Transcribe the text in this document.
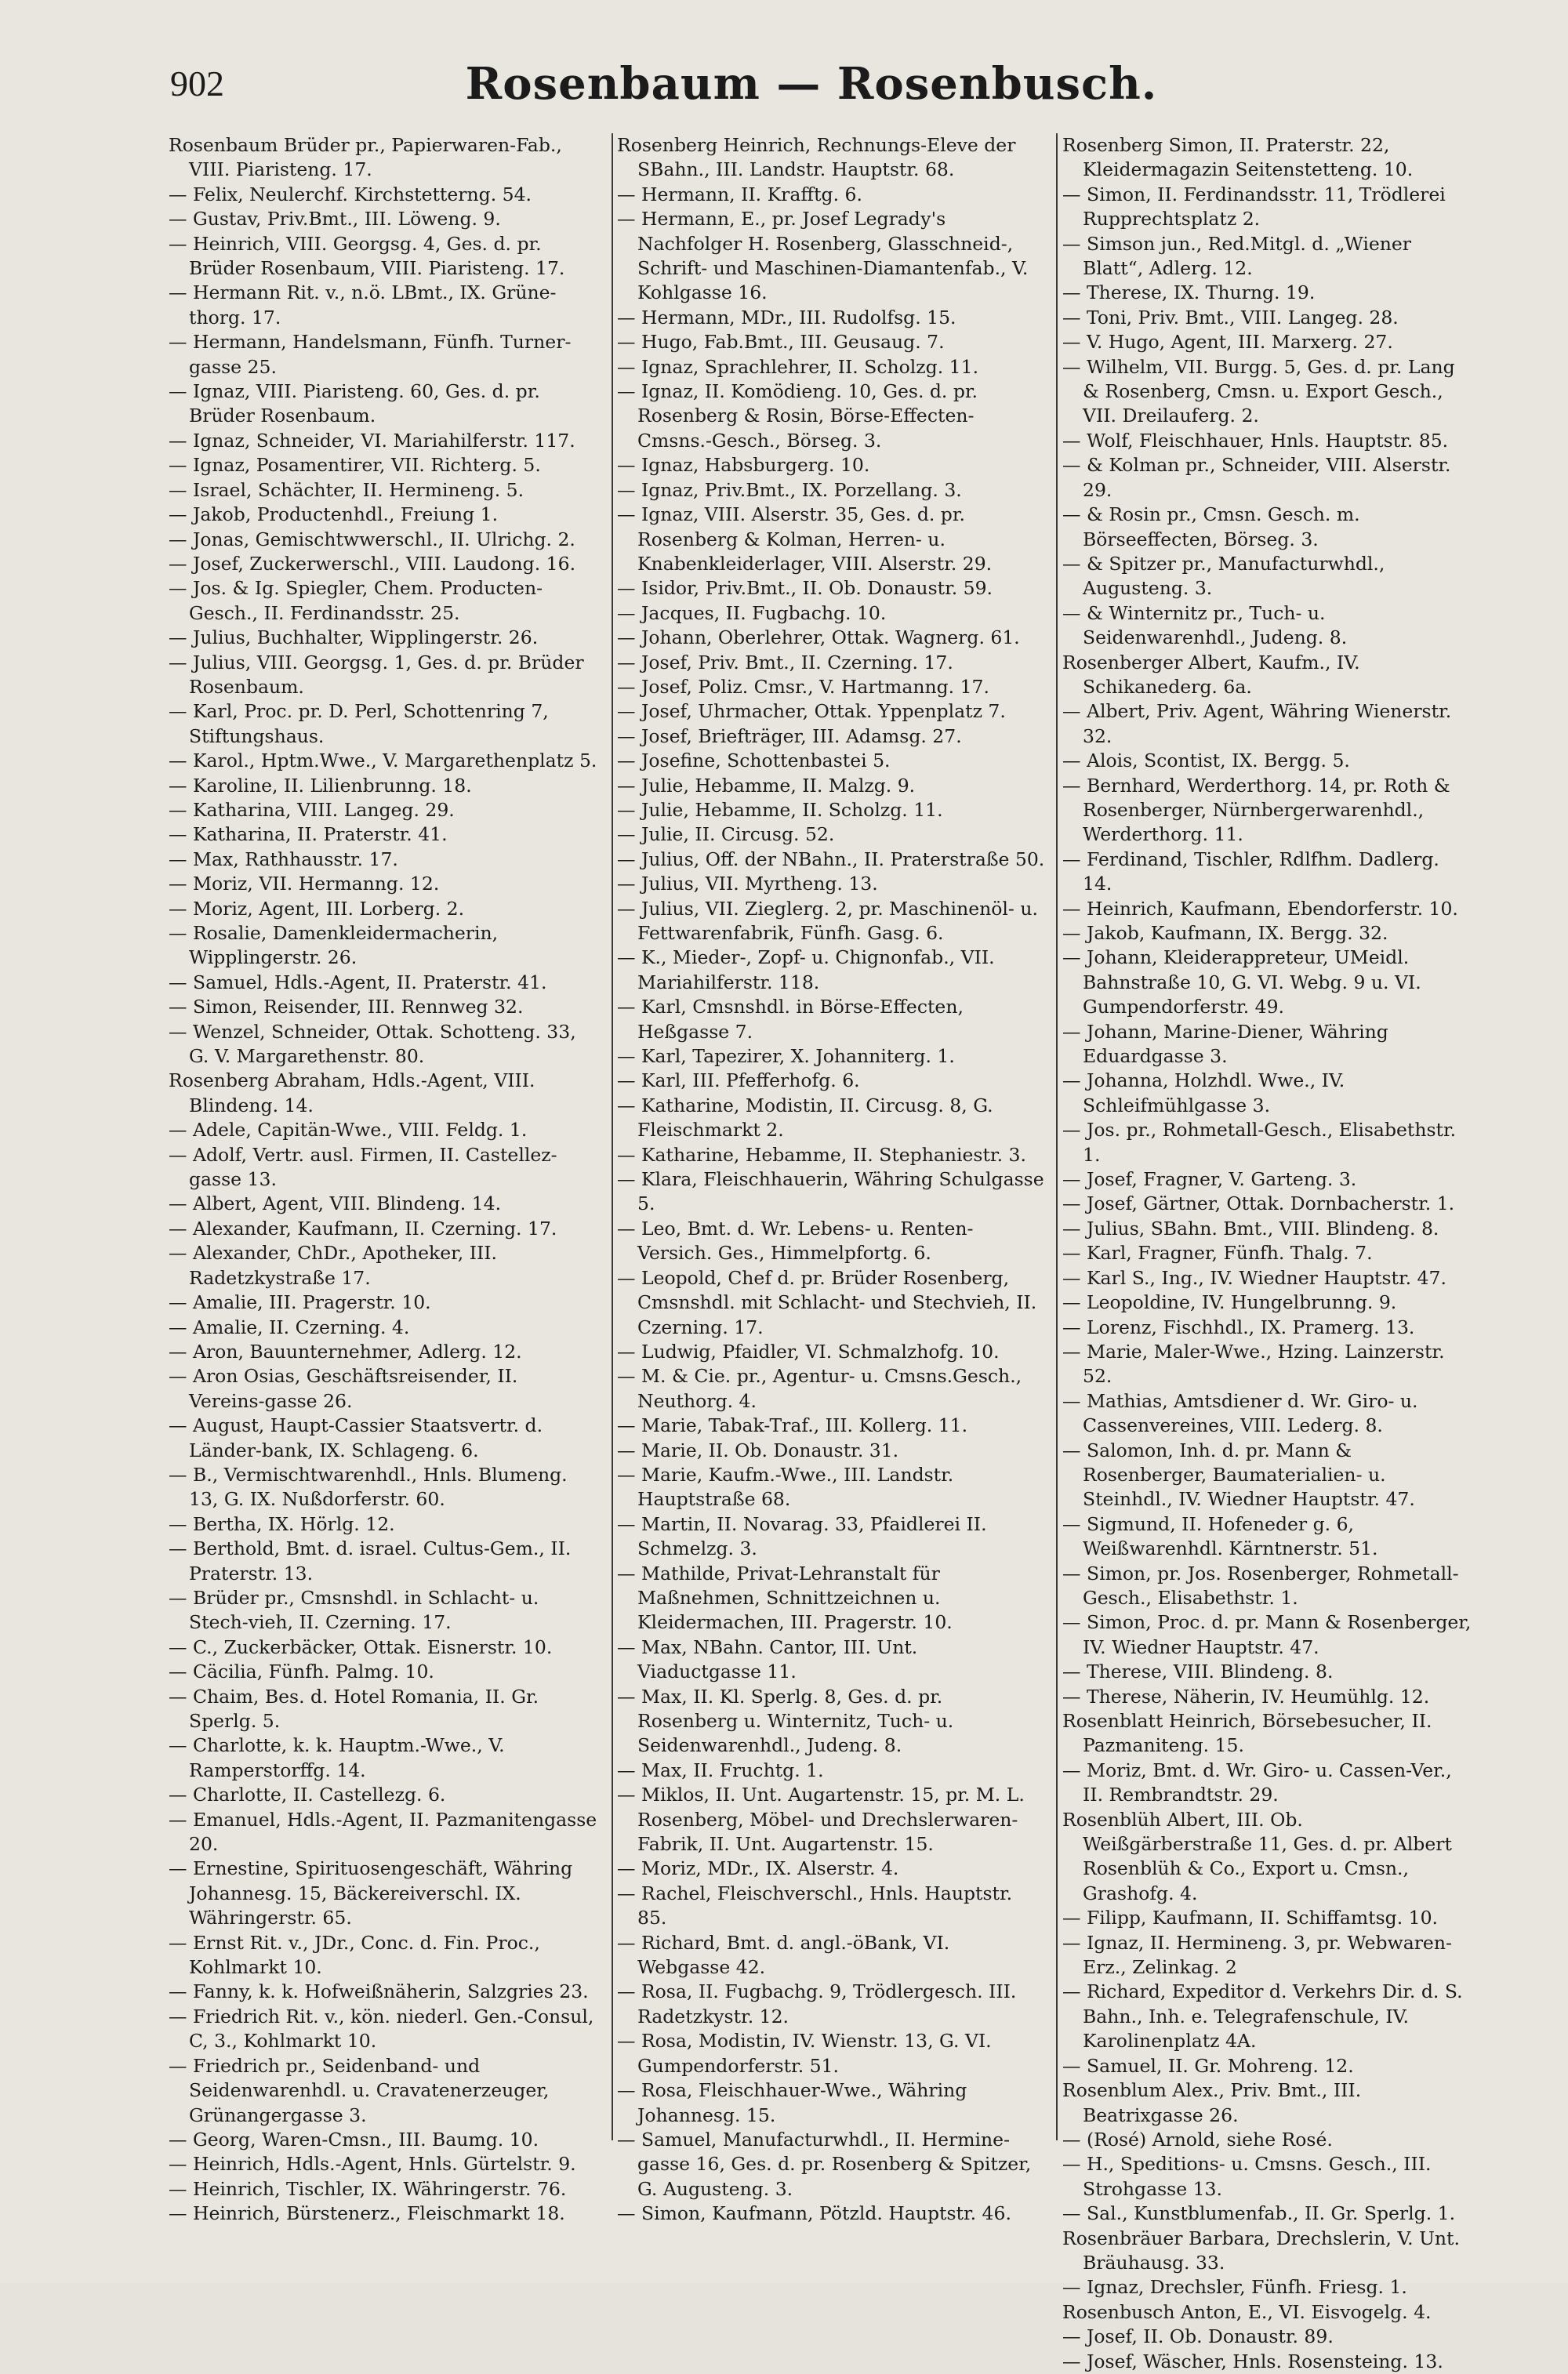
902	Rosenbaum — Rosenbusch.
Rosenbaum Brüder pr., Papierwaren-Fab., VIII. Piaristeng. 17.
— Felix, Neulerchf. Kirchstetterng. 54.
— Gustav, Priv.Bmt., III. Löweng. 9.
— Heinrich, VIII. Georgsg. 4, Ges. d. pr. Brüder Rosenbaum, VIII. Piaristeng. 17.
— Hermann Rit. v., n.ö. LBmt., IX. Grüne-thorg. 17.
— Hermann, Handelsmann, Fünfh. Turner-gasse 25.
— Ignaz, VIII. Piaristeng. 60, Ges. d. pr. Brüder Rosenbaum.
— Ignaz, Schneider, VI. Mariahilferstr. 117.
— Ignaz, Posamentirer, VII. Richterg. 5.
— Israel, Schächter, II. Hermineng. 5.
— Jakob, Productenhdl., Freiung 1.
— Jonas, Gemischtwwerschl., II. Ulrichg. 2.
— Josef, Zuckerwerschl., VIII. Laudong. 16.
— Jos. & Ig. Spiegler, Chem. Producten-Gesch., II. Ferdinandsstr. 25.
— Julius, Buchhalter, Wipplingerstr. 26.
— Julius, VIII. Georgsg. 1, Ges. d. pr. Brüder Rosenbaum.
— Karl, Proc. pr. D. Perl, Schottenring 7, Stiftungshaus.
— Karol., Hptm.Wwe., V. Margarethenplatz 5.
— Karoline, II. Lilienbrunng. 18.
— Katharina, VIII. Langeg. 29.
— Katharina, II. Praterstr. 41.
— Max, Rathhausstr. 17.
— Moriz, VII. Hermanng. 12.
— Moriz, Agent, III. Lorberg. 2.
— Rosalie, Damenkleidermacherin, Wipplingerstr. 26.
— Samuel, Hdls.-Agent, II. Praterstr. 41.
— Simon, Reisender, III. Rennweg 32.
— Wenzel, Schneider, Ottak. Schotteng. 33, G. V. Margarethenstr. 80.
Rosenberg Abraham, Hdls.-Agent, VIII. Blindeng. 14.
— Adele, Capitän-Wwe., VIII. Feldg. 1.
— Adolf, Vertr. ausl. Firmen, II. Castellez-gasse 13.
— Albert, Agent, VIII. Blindeng. 14.
— Alexander, Kaufmann, II. Czerning. 17.
— Alexander, ChDr., Apotheker, III. Radetzkystraße 17.
— Amalie, III. Pragerstr. 10.
— Amalie, II. Czerning. 4.
— Aron, Bauunternehmer, Adlerg. 12.
— Aron Osias, Geschäftsreisender, II. Vereins-gasse 26.
— August, Haupt-Cassier Staatsvertr. d. Länder-bank, IX. Schlageng. 6.
— B., Vermischtwarenhdl., Hnls. Blumeng. 13, G. IX. Nußdorferstr. 60.
— Bertha, IX. Hörlg. 12.
— Berthold, Bmt. d. israel. Cultus-Gem., II. Praterstr. 13.
— Brüder pr., Cmsnshdl. in Schlacht- u. Stech-vieh, II. Czerning. 17.
— C., Zuckerbäcker, Ottak. Eisnerstr. 10.
— Cäcilia, Fünfh. Palmg. 10.
— Chaim, Bes. d. Hotel Romania, II. Gr. Sperlg. 5.
— Charlotte, k. k. Hauptm.-Wwe., V. Ramperstorffg. 14.
— Charlotte, II. Castellezg. 6.
— Emanuel, Hdls.-Agent, II. Pazmanitengasse 20.
— Ernestine, Spirituosengeschäft, Währing Johannesg. 15, Bäckereiverschl. IX. Währingerstr. 65.
— Ernst Rit. v., JDr., Conc. d. Fin. Proc., Kohlmarkt 10.
— Fanny, k. k. Hofweißnäherin, Salzgries 23.
— Friedrich Rit. v., kön. niederl. Gen.-Consul, C, 3., Kohlmarkt 10.
— Friedrich pr., Seidenband- und Seidenwarenhdl. u. Cravatenerzeuger, Grünangergasse 3.
— Georg, Waren-Cmsn., III. Baumg. 10.
— Heinrich, Hdls.-Agent, Hnls. Gürtelstr. 9.
— Heinrich, Tischler, IX. Währingerstr. 76.
— Heinrich, Bürstenerz., Fleischmarkt 18.
Rosenberg Heinrich, Rechnungs-Eleve der SBahn., III. Landstr. Hauptstr. 68.
— Hermann, II. Krafftg. 6.
— Hermann, E., pr. Josef Legradу's Nachfolger H. Rosenberg, Glasschneid-, Schrift- und Maschinen-Diamantenfab., V. Kohlgasse 16.
— Hermann, MDr., III. Rudolfsg. 15.
— Hugo, Fab.Bmt., III. Geusaug. 7.
— Ignaz, Sprachlehrer, II. Scholzg. 11.
— Ignaz, II. Komödieng. 10, Ges. d. pr. Rosenberg & Rosin, Börse-Effecten-Cmsns.-Gesch., Börseg. 3.
— Ignaz, Habsburgerg. 10.
— Ignaz, Priv.Bmt., IX. Porzellang. 3.
— Ignaz, VIII. Alserstr. 35, Ges. d. pr. Rosenberg & Kolman, Herren- u. Knabenkleiderlager, VIII. Alserstr. 29.
— Isidor, Priv.Bmt., II. Ob. Donaustr. 59.
— Jacques, II. Fugbachg. 10.
— Johann, Oberlehrer, Ottak. Wagnerg. 61.
— Josef, Priv. Bmt., II. Czerning. 17.
— Josef, Poliz. Cmsr., V. Hartmanng. 17.
— Josef, Uhrmacher, Ottak. Yppenplatz 7.
— Josef, Briefträger, III. Adamsg. 27.
— Josefine, Schottenbastei 5.
— Julie, Hebamme, II. Malzg. 9.
— Julie, Hebamme, II. Scholzg. 11.
— Julie, II. Circusg. 52.
— Julius, Off. der NBahn., II. Praterstraße 50.
— Julius, VII. Myrtheng. 13.
— Julius, VII. Zieglerg. 2, pr. Maschinenöl- u. Fettwarenfabrik, Fünfh. Gasg. 6.
— K., Mieder-, Zopf- u. Chignonfab., VII. Mariahilferstr. 118.
— Karl, Cmsnshdl. in Börse-Effecten, Heßgasse 7.
— Karl, Tapezirer, X. Johanniterg. 1.
— Karl, III. Pfefferhofg. 6.
— Katharine, Modistin, II. Circusg. 8, G. Fleischmarkt 2.
— Katharine, Hebamme, II. Stephaniestr. 3.
— Klara, Fleischhauerin, Währing Schulgasse 5.
— Leo, Bmt. d. Wr. Lebens- u. Renten-Versich. Ges., Himmelpfortg. 6.
— Leopold, Chef d. pr. Brüder Rosenberg, Cmsnshdl. mit Schlacht- und Stechvieh, II. Czerning. 17.
— Ludwig, Pfaidler, VI. Schmalzhofg. 10.
— M. & Cie. pr., Agentur- u. Cmsns.Gesch., Neuthorg. 4.
— Marie, Tabak-Traf., III. Kollerg. 11.
— Marie, II. Ob. Donaustr. 31.
— Marie, Kaufm.-Wwe., III. Landstr. Hauptstraße 68.
— Martin, II. Novarag. 33, Pfaidlerei II. Schmelzg. 3.
— Mathilde, Privat-Lehranstalt für Maßnehmen, Schnittzeichnen u. Kleidermachen, III. Pragerstr. 10.
— Max, NBahn. Cantor, III. Unt. Viaductgasse 11.
— Max, II. Kl. Sperlg. 8, Ges. d. pr. Rosenberg u. Winternitz, Tuch- u. Seidenwarenhdl., Judeng. 8.
— Max, II. Fruchtg. 1.
— Miklos, II. Unt. Augartenstr. 15, pr. M. L. Rosenberg, Möbel- und Drechslerwaren-Fabrik, II. Unt. Augartenstr. 15.
— Moriz, MDr., IX. Alserstr. 4.
— Rachel, Fleischverschl., Hnls. Hauptstr. 85.
— Richard, Bmt. d. angl.-öBank, VI. Webgasse 42.
— Rosa, II. Fugbachg. 9, Trödlergesch. III. Radetzkystr. 12.
— Rosa, Modistin, IV. Wienstr. 13, G. VI. Gumpendorferstr. 51.
— Rosa, Fleischhauer-Wwe., Währing Johannesg. 15.
— Samuel, Manufacturwhdl., II. Hermine-gasse 16, Ges. d. pr. Rosenberg & Spitzer, G. Augusteng. 3.
— Simon, Kaufmann, Pötzld. Hauptstr. 46.
Rosenberg Simon, II. Praterstr. 22, Kleidermagazin Seitenstetteng. 10.
— Simon, II. Ferdinandsstr. 11, Trödlerei Rupprechtsplatz 2.
— Simson jun., Red.Mitgl. d. „Wiener Blatt“, Adlerg. 12.
— Therese, IX. Thurng. 19.
— Toni, Priv. Bmt., VIII. Langeg. 28.
— V. Hugo, Agent, III. Marxerg. 27.
— Wilhelm, VII. Burgg. 5, Ges. d. pr. Lang & Rosenberg, Cmsn. u. Export Gesch., VII. Dreilauferg. 2.
— Wolf, Fleischhauer, Hnls. Hauptstr. 85.
— & Kolman pr., Schneider, VIII. Alserstr. 29.
— & Rosin pr., Cmsn. Gesch. m. Börseeffecten, Börseg. 3.
— & Spitzer pr., Manufacturwhdl., Augusteng. 3.
— & Winternitz pr., Tuch- u. Seidenwarenhdl., Judeng. 8.
Rosenberger Albert, Kaufm., IV. Schikanederg. 6a.
— Albert, Priv. Agent, Währing Wienerstr. 32.
— Alois, Scontist, IX. Bergg. 5.
— Bernhard, Werderthorg. 14, pr. Roth & Rosenberger, Nürnbergerwarenhdl., Werderthorg. 11.
— Ferdinand, Tischler, Rdlfhm. Dadlerg. 14.
— Heinrich, Kaufmann, Ebendorferstr. 10.
— Jakob, Kaufmann, IX. Bergg. 32.
— Johann, Kleiderappreteur, UMeidl. Bahnstraße 10, G. VI. Webg. 9 u. VI. Gumpendorferstr. 49.
— Johann, Marine-Diener, Währing Eduardgasse 3.
— Johanna, Holzhdl. Wwe., IV. Schleifmühlgasse 3.
— Jos. pr., Rohmetall-Gesch., Elisabethstr. 1.
— Josef, Fragner, V. Garteng. 3.
— Josef, Gärtner, Ottak. Dornbacherstr. 1.
— Julius, SBahn. Bmt., VIII. Blindeng. 8.
— Karl, Fragner, Fünfh. Thalg. 7.
— Karl S., Ing., IV. Wiedner Hauptstr. 47.
— Leopoldine, IV. Hungelbrunng. 9.
— Lorenz, Fischhdl., IX. Pramerg. 13.
— Marie, Maler-Wwe., Hzing. Lainzerstr. 52.
— Mathias, Amtsdiener d. Wr. Giro- u. Cassenvereines, VIII. Lederg. 8.
— Salomon, Inh. d. pr. Mann & Rosenberger, Baumaterialien- u. Steinhdl., IV. Wiedner Hauptstr. 47.
— Sigmund, II. Hofeneder g. 6, Weißwarenhdl. Kärntnerstr. 51.
— Simon, pr. Jos. Rosenberger, Rohmetall-Gesch., Elisabethstr. 1.
— Simon, Proc. d. pr. Mann & Rosenberger, IV. Wiedner Hauptstr. 47.
— Therese, VIII. Blindeng. 8.
— Therese, Näherin, IV. Heumühlg. 12.
Rosenblatt Heinrich, Börsebesucher, II. Pazmaniteng. 15.
— Moriz, Bmt. d. Wr. Giro- u. Cassen-Ver., II. Rembrandtstr. 29.
Rosenblüh Albert, III. Ob. Weißgärberstraße 11, Ges. d. pr. Albert Rosenblüh & Co., Export u. Cmsn., Grashofg. 4.
— Filipp, Kaufmann, II. Schiffamtsg. 10.
— Ignaz, II. Hermineng. 3, pr. Webwaren-Erz., Zelinkag. 2
— Richard, Expeditor d. Verkehrs Dir. d. S. Bahn., Inh. e. Telegrafenschule, IV. Karolinenplatz 4A.
— Samuel, II. Gr. Mohreng. 12.
Rosenblum Alex., Priv. Bmt., III. Beatrixgasse 26.
— (Rosé) Arnold, siehe Rosé.
— H., Speditions- u. Cmsns. Gesch., III. Strohgasse 13.
— Sal., Kunstblumenfab., II. Gr. Sperlg. 1.
Rosenbräuer Barbara, Drechslerin, V. Unt. Bräuhausg. 33.
— Ignaz, Drechsler, Fünfh. Friesg. 1.
Rosenbusch Anton, E., VI. Eisvogelg. 4.
— Josef, II. Ob. Donaustr. 89.
— Josef, Wäscher, Hnls. Rosensteing. 13.
